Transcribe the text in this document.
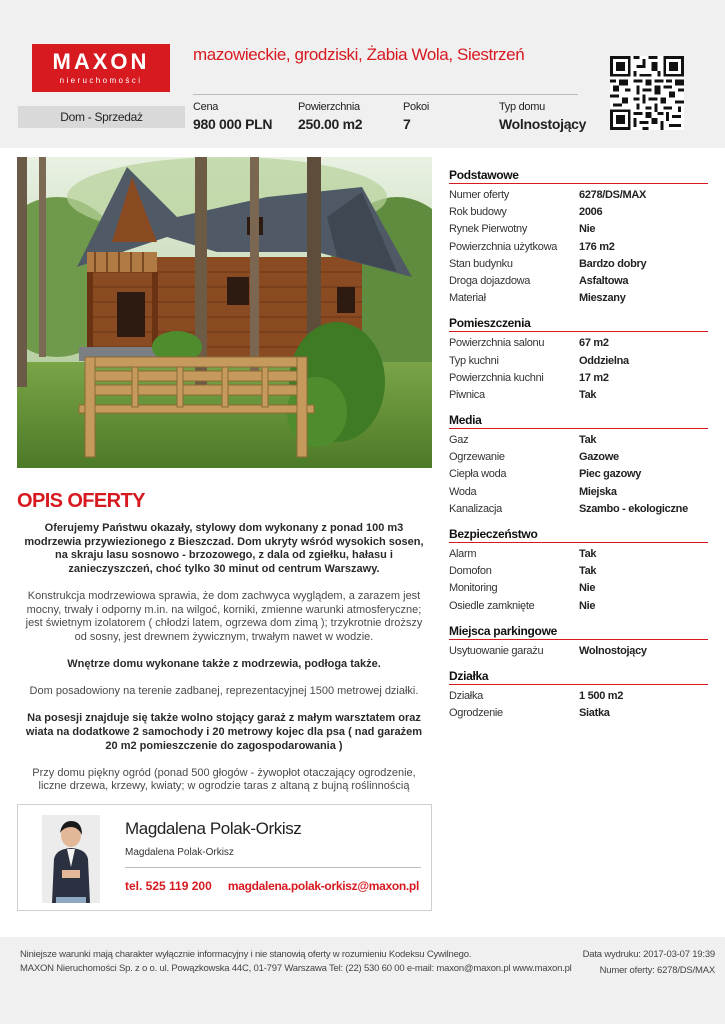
MAXON
nieruchomości
mazowieckie, grodziski, Żabia Wola, Siestrzeń
Dom - Sprzedaż
Cena
980 000 PLN
Powierzchnia
250.00 m2
Pokoi
7
Typ domu
Wolnostojący
OPIS OFERTY

Oferujemy Państwu okazały, stylowy dom wykonany z ponad 100 m3 modrzewia przywiezionego z Bieszczad. Dom ukryty wśród wysokich sosen, na skraju lasu sosnowo - brzozowego, z dala od zgiełku, hałasu i zanieczyszczeń, choć tylko 30 minut od centrum Warszawy.

Konstrukcja modrzewiowa sprawia, że dom zachwyca wyglądem, a zarazem jest mocny, trwały i odporny m.in. na wilgoć, korniki, zmienne warunki atmosferyczne; jest świetnym izolatorem ( chłodzi latem, ogrzewa dom zimą ); trzykrotnie droższy od sosny, jest drewnem żywicznym, trwałym nawet w wodzie.

Wnętrze domu wykonane także z modrzewia, podłoga także.

Dom posadowiony na terenie zadbanej, reprezentacyjnej 1500 metrowej działki.

Na posesji znajduje się także wolno stojący garaż z małym warsztatem oraz wiata na dodatkowe 2 samochody i 20 metrowy kojec dla psa ( nad garażem 20 m2 pomieszczenie do zagospodarowania )

Przy domu piękny ogród (ponad 500 głogów - żywopłot otaczający ogrodzenie, liczne drzewa, krzewy, kwiaty; w ogrodzie taras z altaną z bujną roślinnością

Magdalena Polak-Orkisz
Magdalena Polak-Orkisz
tel. 525 119 200 magdalena.polak-orkisz@maxon.pl
Podstawowe
Numer oferty	6278/DS/MAX
Rok budowy	2006
Rynek Pierwotny	Nie
Powierzchnia użytkowa	176 m2
Stan budynku	Bardzo dobry
Droga dojazdowa	Asfaltowa
Materiał	Mieszany
Pomieszczenia
Powierzchnia salonu	67 m2
Typ kuchni	Oddzielna
Powierzchnia kuchni	17 m2
Piwnica	Tak
Media
Gaz	Tak
Ogrzewanie	Gazowe
Ciepła woda	Piec gazowy
Woda	Miejska
Kanalizacja	Szambo - ekologiczne
Bezpieczeństwo
Alarm	Tak
Domofon	Tak
Monitoring	Nie
Osiedle zamknięte	Nie
Miejsca parkingowe
Usytuowanie garażu	Wolnostojący
Działka
Działka	1 500 m2
Ogrodzenie	Siatka
Niniejsze warunki mają charakter wyłącznie informacyjny i nie stanowią oferty w rozumieniu Kodeksu Cywilnego.
MAXON Nieruchomości Sp. z o o. ul. Powązkowska 44C, 01-797 Warszawa Tel: (22) 530 60 00 e-mail: maxon@maxon.pl www.maxon.pl
Data wydruku: 2017-03-07 19:39
Numer oferty: 6278/DS/MAX
